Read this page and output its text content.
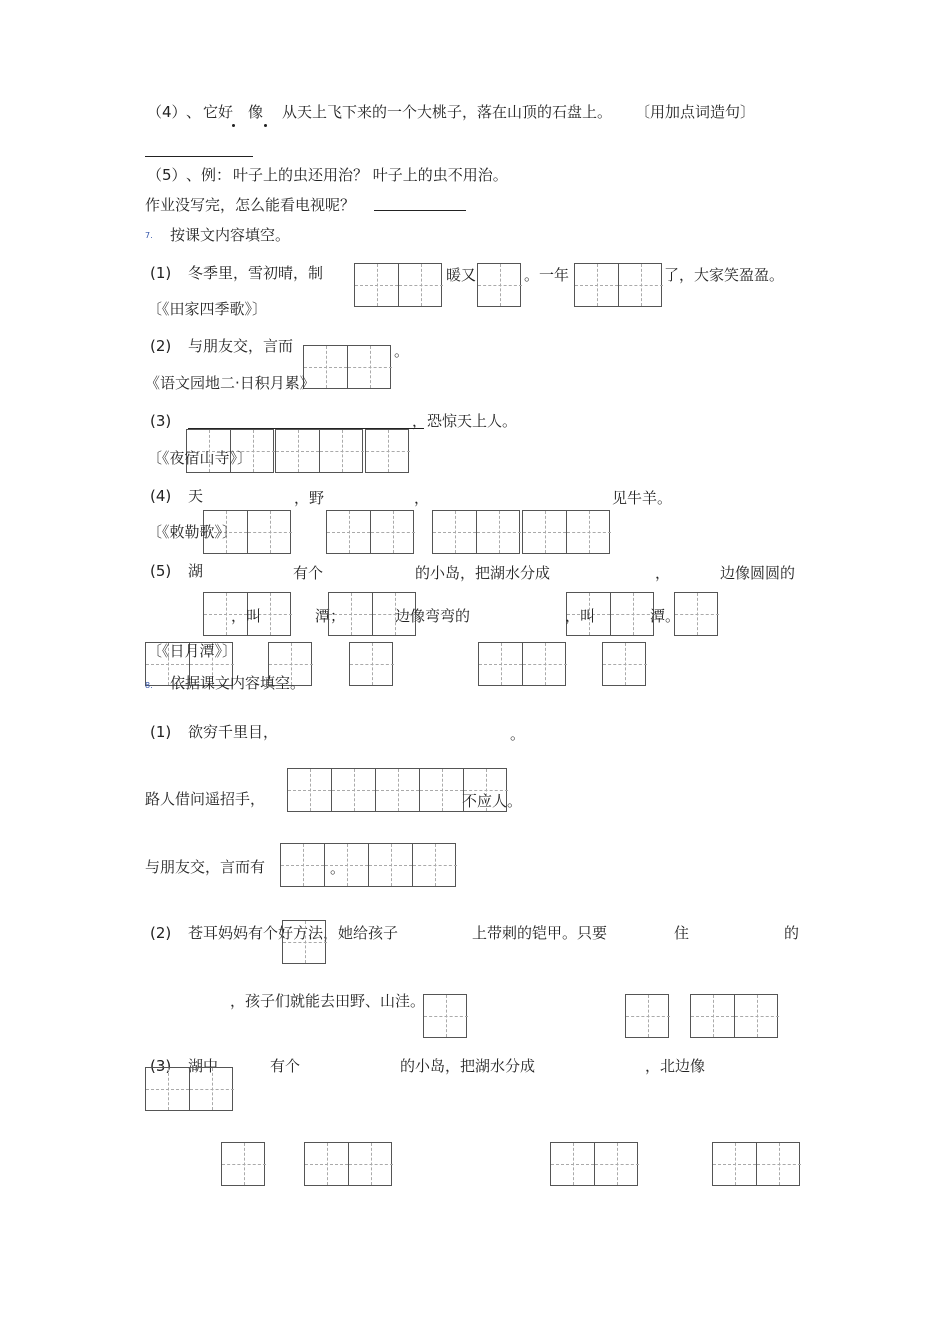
（4） 、 它好 像 从天上飞下来的一个大桃子，落在山顶的石盘上。 〔用加点词造句〕
（5） 、例： 叶子上的虫还用治？ 叶子上的虫不用治。
作业没写完，怎么能看电视呢？
7. 按课文内容填空。
(1) 冬季里，雪初晴，制	暖又	。一年	了，大家笑盈盈。
〔《田家四季歌》〕
(2) 与朋友交，言而	。
《语文园地二·日积月累》
(3)	，恐惊天上人。
〔《夜宿山寺》〕
(4) 天	，野	，	见牛羊。
〔《敕勒歌》〕
(5) 湖	有个	的小岛，把湖水分成	，	边像圆圆的
，叫	潭；	边像弯弯的	，叫	潭。
〔《日月潭》〕
8. 依据课文内容填空。
(1) 欲穷千里目，	。
路人借问遥招手，	不应人。
与朋友交，言而有	。
(2) 苍耳妈妈有个好方法，她给孩子	上带刺的铠甲。只要	住	的
，孩子们就能去田野、山洼。
(3) 湖中	有个	的小岛，把湖水分成	，北边像
